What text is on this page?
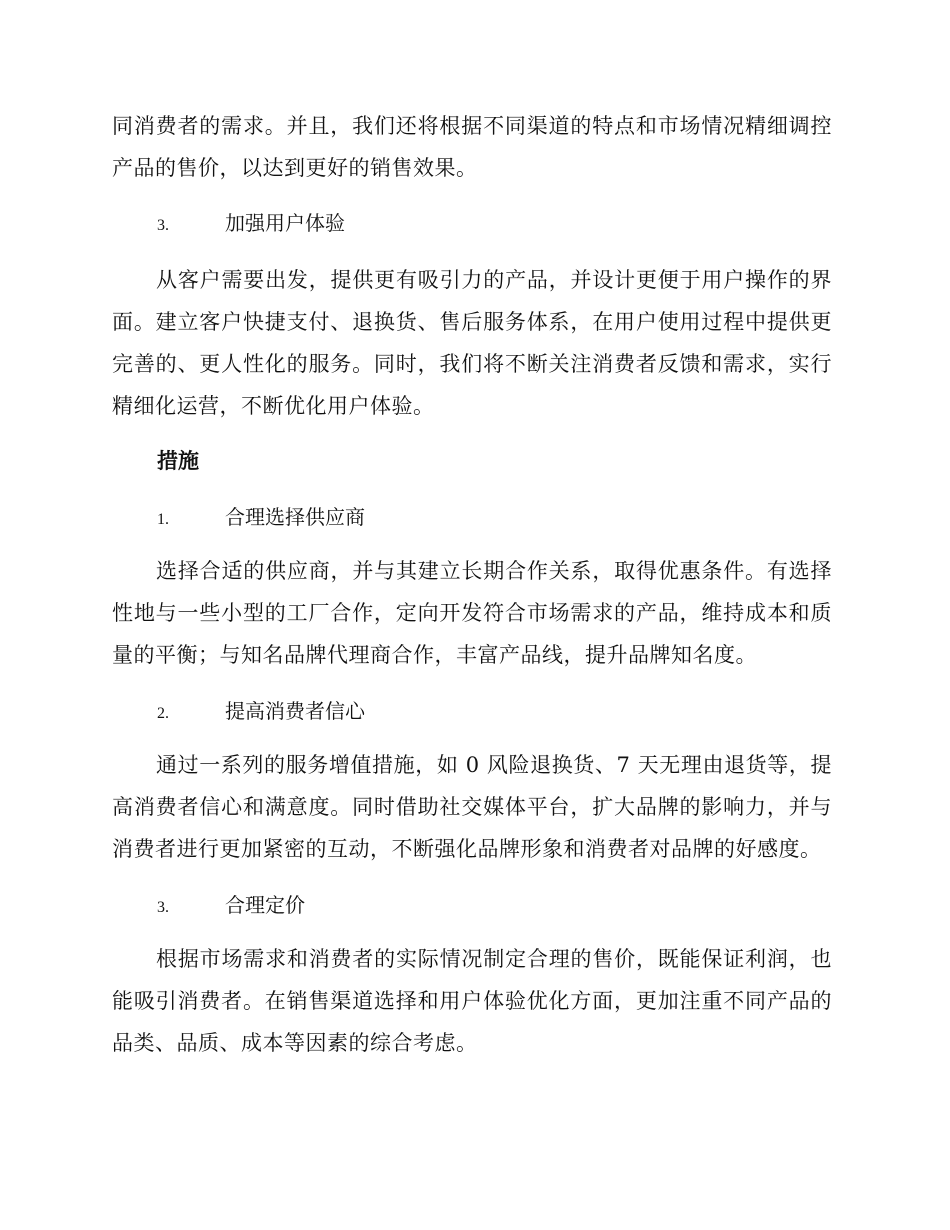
同消费者的需求。并且，我们还将根据不同渠道的特点和市场情况精细调控产品的售价，以达到更好的销售效果。

3.	加强用户体验

从客户需要出发，提供更有吸引力的产品，并设计更便于用户操作的界面。建立客户快捷支付、退换货、售后服务体系，在用户使用过程中提供更完善的、更人性化的服务。同时，我们将不断关注消费者反馈和需求，实行精细化运营，不断优化用户体验。

措施

1.	合理选择供应商

选择合适的供应商，并与其建立长期合作关系，取得优惠条件。有选择性地与一些小型的工厂合作，定向开发符合市场需求的产品，维持成本和质量的平衡；与知名品牌代理商合作，丰富产品线，提升品牌知名度。

2.	提高消费者信心

通过一系列的服务增值措施，如 0 风险退换货、7 天无理由退货等，提高消费者信心和满意度。同时借助社交媒体平台，扩大品牌的影响力，并与消费者进行更加紧密的互动，不断强化品牌形象和消费者对品牌的好感度。

3.	合理定价

根据市场需求和消费者的实际情况制定合理的售价，既能保证利润，也能吸引消费者。在销售渠道选择和用户体验优化方面，更加注重不同产品的品类、品质、成本等因素的综合考虑。
